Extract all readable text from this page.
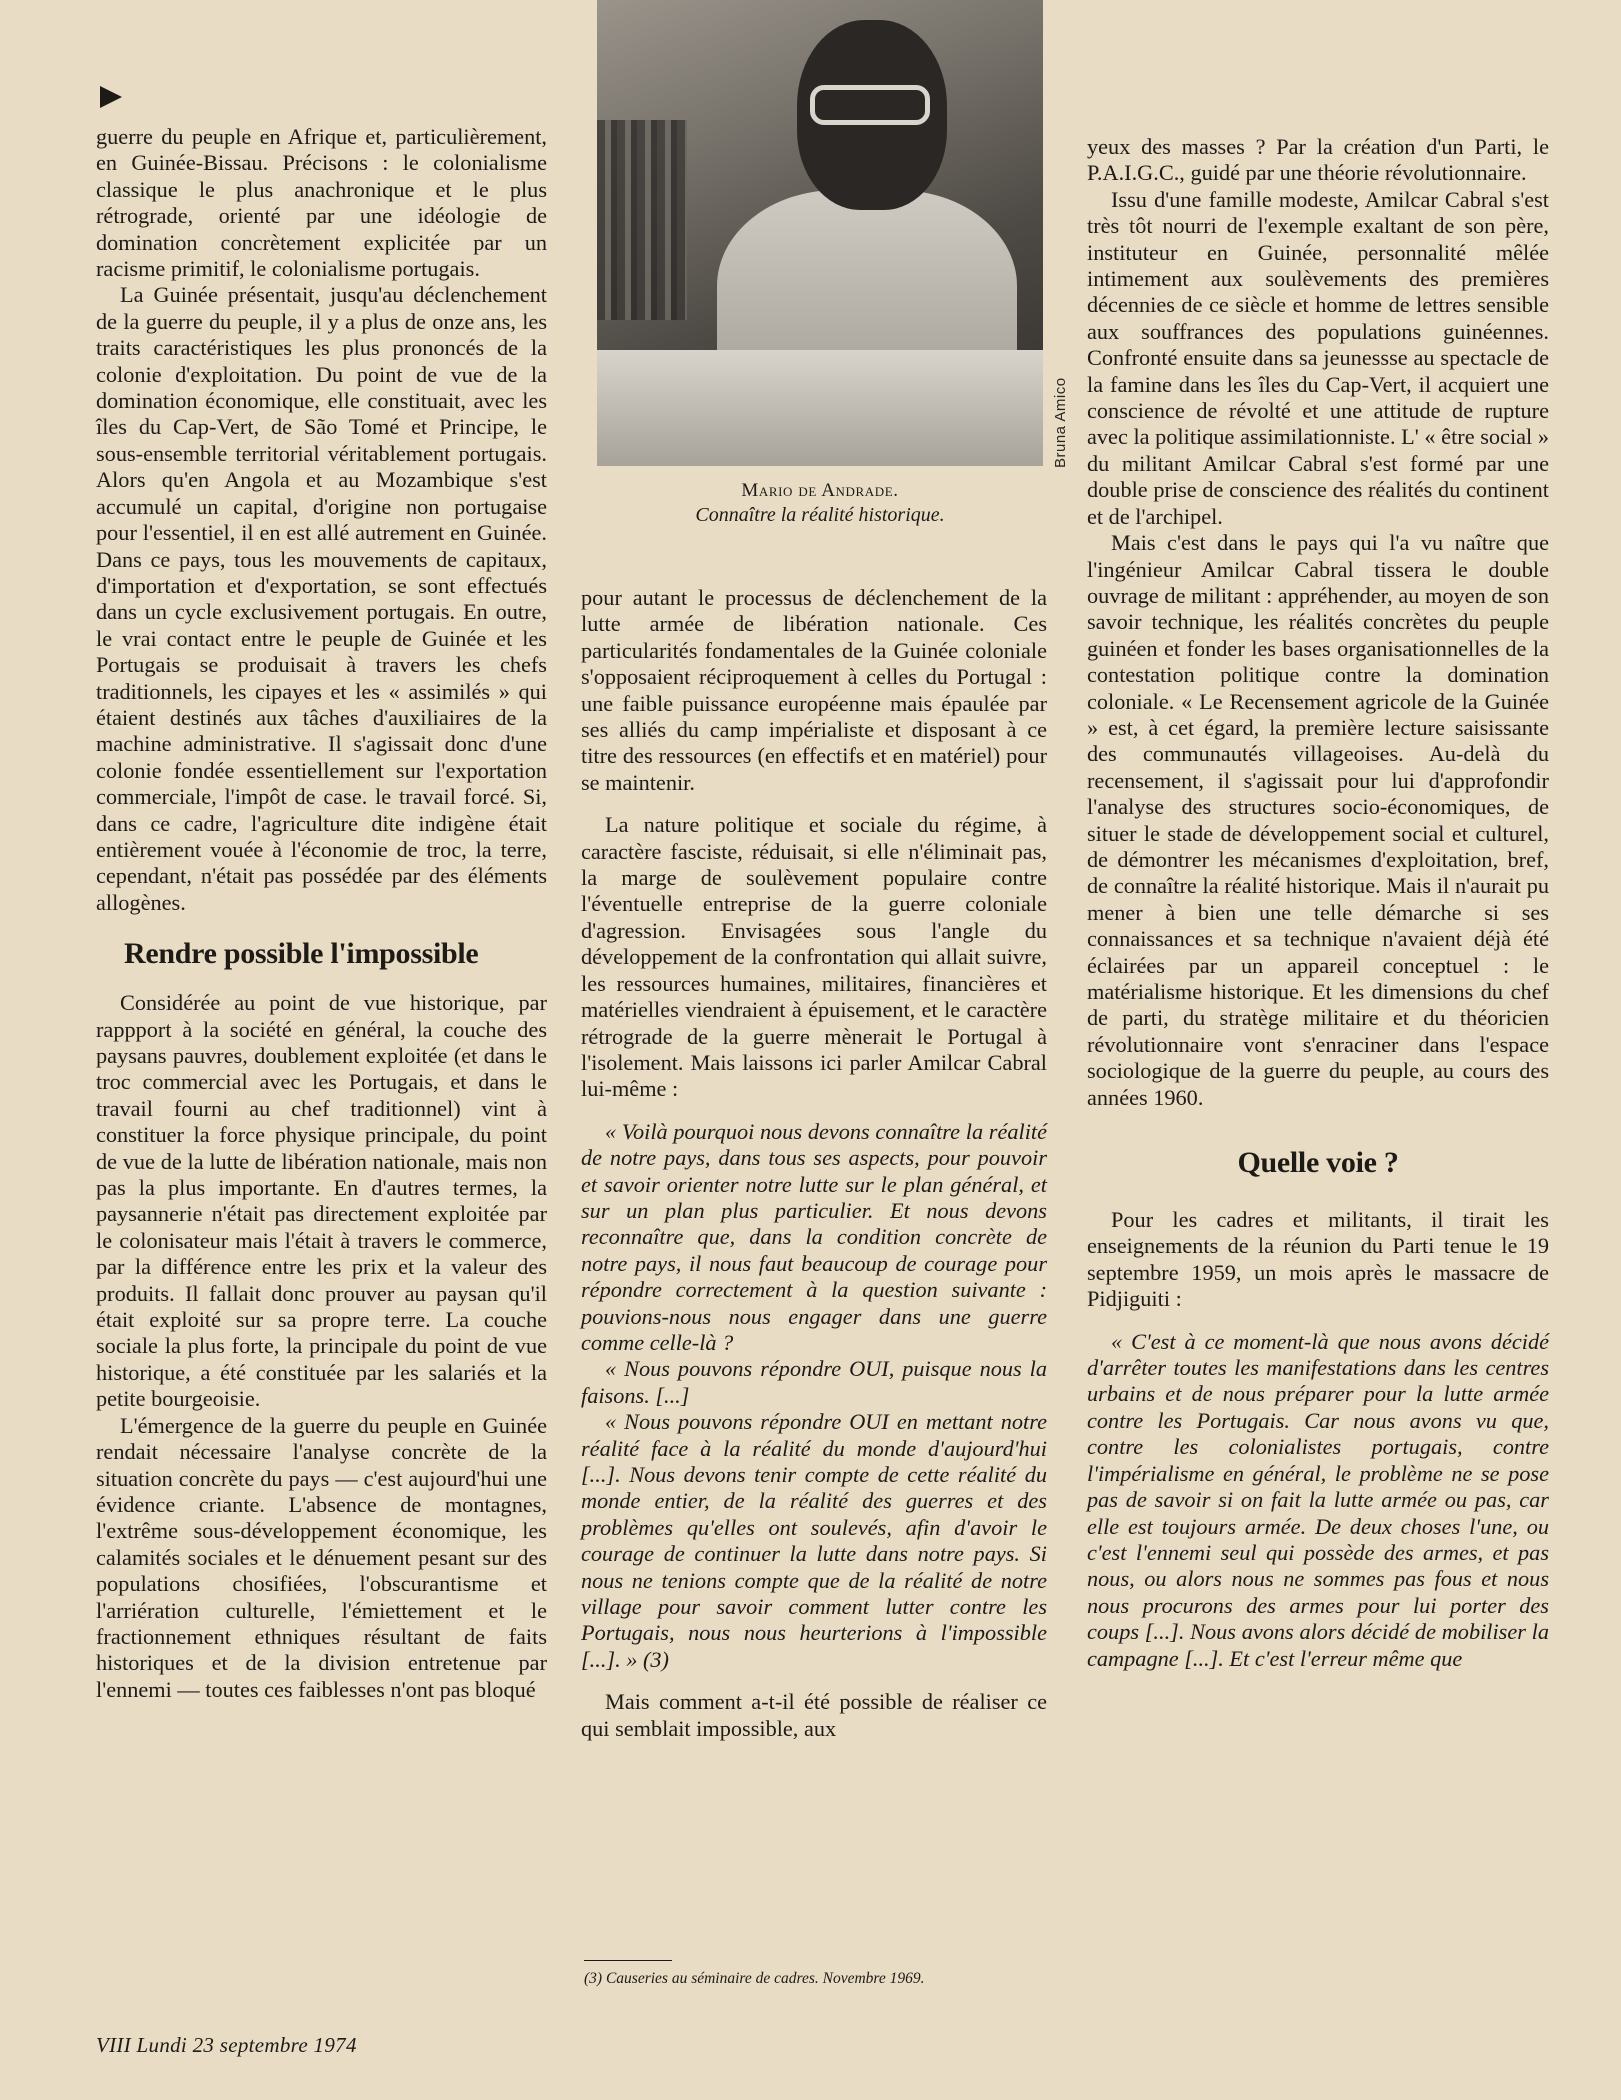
guerre du peuple en Afrique et, particulièrement, en Guinée-Bissau. Précisons : le colonialisme classique le plus anachronique et le plus rétrograde, orienté par une idéologie de domination concrètement explicitée par un racisme primitif, le colonialisme portugais.

La Guinée présentait, jusqu'au déclenchement de la guerre du peuple, il y a plus de onze ans, les traits caractéristiques les plus prononcés de la colonie d'exploitation. Du point de vue de la domination économique, elle constituait, avec les îles du Cap-Vert, de São Tomé et Principe, le sous-ensemble territorial véritablement portugais. Alors qu'en Angola et au Mozambique s'est accumulé un capital, d'origine non portugaise pour l'essentiel, il en est allé autrement en Guinée. Dans ce pays, tous les mouvements de capitaux, d'importation et d'exportation, se sont effectués dans un cycle exclusivement portugais. En outre, le vrai contact entre le peuple de Guinée et les Portugais se produisait à travers les chefs traditionnels, les cipayes et les « assimilés » qui étaient destinés aux tâches d'auxiliaires de la machine administrative. Il s'agissait donc d'une colonie fondée essentiellement sur l'exportation commerciale, l'impôt de case. le travail forcé. Si, dans ce cadre, l'agriculture dite indigène était entièrement vouée à l'économie de troc, la terre, cependant, n'était pas possédée par des éléments allogènes.

Rendre possible l'impossible

Considérée au point de vue historique, par rappport à la société en général, la couche des paysans pauvres, doublement exploitée (et dans le troc commercial avec les Portugais, et dans le travail fourni au chef traditionnel) vint à constituer la force physique principale, du point de vue de la lutte de libération nationale, mais non pas la plus importante. En d'autres termes, la paysannerie n'était pas directement exploitée par le colonisateur mais l'était à travers le commerce, par la différence entre les prix et la valeur des produits. Il fallait donc prouver au paysan qu'il était exploité sur sa propre terre. La couche sociale la plus forte, la principale du point de vue historique, a été constituée par les salariés et la petite bourgeoisie.

L'émergence de la guerre du peuple en Guinée rendait nécessaire l'analyse concrète de la situation concrète du pays — c'est aujourd'hui une évidence criante. L'absence de montagnes, l'extrême sous-développement économique, les calamités sociales et le dénuement pesant sur des populations chosifiées, l'obscurantisme et l'arriération culturelle, l'émiettement et le fractionnement ethniques résultant de faits historiques et de la division entretenue par l'ennemi — toutes ces faiblesses n'ont pas bloqué

Bruna Amico
Mario de Andrade.
Connaître la réalité historique.

pour autant le processus de déclenchement de la lutte armée de libération nationale. Ces particularités fondamentales de la Guinée coloniale s'opposaient réciproquement à celles du Portugal : une faible puissance européenne mais épaulée par ses alliés du camp impérialiste et disposant à ce titre des ressources (en effectifs et en matériel) pour se maintenir.

La nature politique et sociale du régime, à caractère fasciste, réduisait, si elle n'éliminait pas, la marge de soulèvement populaire contre l'éventuelle entreprise de la guerre coloniale d'agression. Envisagées sous l'angle du développement de la confrontation qui allait suivre, les ressources humaines, militaires, financières et matérielles viendraient à épuisement, et le caractère rétrograde de la guerre mènerait le Portugal à l'isolement. Mais laissons ici parler Amilcar Cabral lui-même :

« Voilà pourquoi nous devons connaître la réalité de notre pays, dans tous ses aspects, pour pouvoir et savoir orienter notre lutte sur le plan général, et sur un plan plus particulier. Et nous devons reconnaître que, dans la condition concrète de notre pays, il nous faut beaucoup de courage pour répondre correctement à la question suivante : pouvions-nous nous engager dans une guerre comme celle-là ?

« Nous pouvons répondre OUI, puisque nous la faisons. [...]

« Nous pouvons répondre OUI en mettant notre réalité face à la réalité du monde d'aujourd'hui [...]. Nous devons tenir compte de cette réalité du monde entier, de la réalité des guerres et des problèmes qu'elles ont soulevés, afin d'avoir le courage de continuer la lutte dans notre pays. Si nous ne tenions compte que de la réalité de notre village pour savoir comment lutter contre les Portugais, nous nous heurterions à l'impossible [...]. » (3)

Mais comment a-t-il été possible de réaliser ce qui semblait impossible, aux

(3) Causeries au séminaire de cadres. Novembre 1969.

yeux des masses ? Par la création d'un Parti, le P.A.I.G.C., guidé par une théorie révolutionnaire.

Issu d'une famille modeste, Amilcar Cabral s'est très tôt nourri de l'exemple exaltant de son père, instituteur en Guinée, personnalité mêlée intimement aux soulèvements des premières décennies de ce siècle et homme de lettres sensible aux souffrances des populations guinéennes. Confronté ensuite dans sa jeunessse au spectacle de la famine dans les îles du Cap-Vert, il acquiert une conscience de révolté et une attitude de rupture avec la politique assimilationniste. L' « être social » du militant Amilcar Cabral s'est formé par une double prise de conscience des réalités du continent et de l'archipel.

Mais c'est dans le pays qui l'a vu naître que l'ingénieur Amilcar Cabral tissera le double ouvrage de militant : appréhender, au moyen de son savoir technique, les réalités concrètes du peuple guinéen et fonder les bases organisationnelles de la contestation politique contre la domination coloniale. « Le Recensement agricole de la Guinée » est, à cet égard, la première lecture saisissante des communautés villageoises. Au-delà du recensement, il s'agissait pour lui d'approfondir l'analyse des structures socio-économiques, de situer le stade de développement social et culturel, de démontrer les mécanismes d'exploitation, bref, de connaître la réalité historique. Mais il n'aurait pu mener à bien une telle démarche si ses connaissances et sa technique n'avaient déjà été éclairées par un appareil conceptuel : le matérialisme historique. Et les dimensions du chef de parti, du stratège militaire et du théoricien révolutionnaire vont s'enraciner dans l'espace sociologique de la guerre du peuple, au cours des années 1960.

Quelle voie ?

Pour les cadres et militants, il tirait les enseignements de la réunion du Parti tenue le 19 septembre 1959, un mois après le massacre de Pidjiguiti :

« C'est à ce moment-là que nous avons décidé d'arrêter toutes les manifestations dans les centres urbains et de nous préparer pour la lutte armée contre les Portugais. Car nous avons vu que, contre les colonialistes portugais, contre l'impérialisme en général, le problème ne se pose pas de savoir si on fait la lutte armée ou pas, car elle est toujours armée. De deux choses l'une, ou c'est l'ennemi seul qui possède des armes, et pas nous, ou alors nous ne sommes pas fous et nous nous procurons des armes pour lui porter des coups [...]. Nous avons alors décidé de mobiliser la campagne [...]. Et c'est l'erreur même que

VIII Lundi 23 septembre 1974
